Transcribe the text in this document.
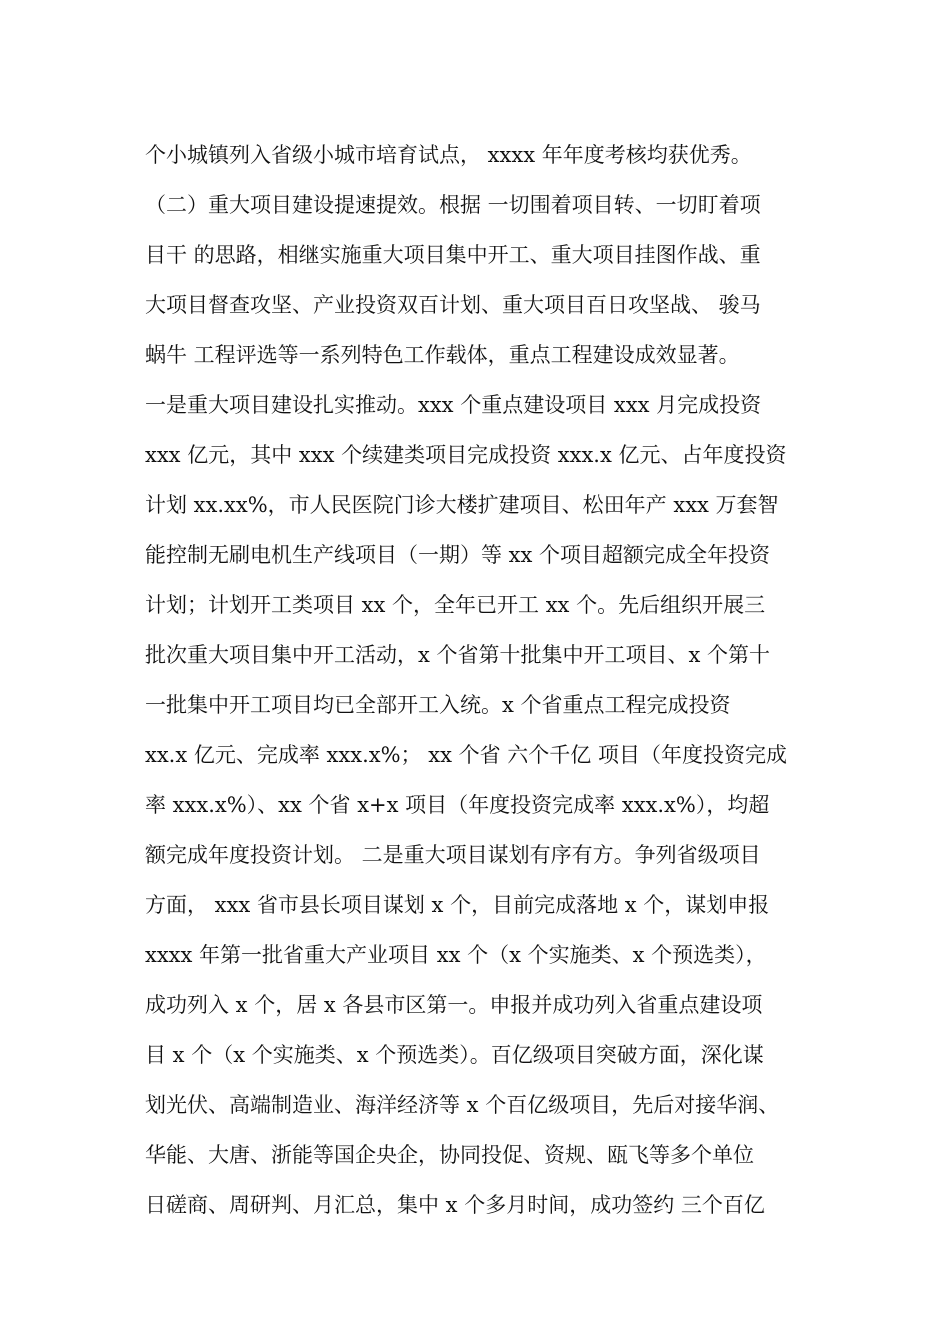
个小城镇列入省级小城市培育试点， xxxx 年年度考核均获优秀。
（二）重大项目建设提速提效。根据 一切围着项目转、一切盯着项
目干 的思路，相继实施重大项目集中开工、重大项目挂图作战、重
大项目督查攻坚、产业投资双百计划、重大项目百日攻坚战、 骏马
蜗牛 工程评选等一系列特色工作载体，重点工程建设成效显著。
一是重大项目建设扎实推动。xxx 个重点建设项目 xxx 月完成投资
xxx 亿元，其中 xxx 个续建类项目完成投资 xxx.x 亿元、占年度投资
计划 xx.xx%，市人民医院门诊大楼扩建项目、松田年产 xxx 万套智
能控制无刷电机生产线项目（一期）等 xx 个项目超额完成全年投资
计划；计划开工类项目 xx 个，全年已开工 xx 个。先后组织开展三
批次重大项目集中开工活动，x 个省第十批集中开工项目、x 个第十
一批集中开工项目均已全部开工入统。x 个省重点工程完成投资
xx.x 亿元、完成率 xxx.x%； xx 个省 六个千亿 项目（年度投资完成
率 xxx.x%）、xx 个省 x+x 项目（年度投资完成率 xxx.x%），均超
额完成年度投资计划。 二是重大项目谋划有序有方。争列省级项目
方面， xxx 省市县长项目谋划 x 个，目前完成落地 x 个，谋划申报
xxxx 年第一批省重大产业项目 xx 个（x 个实施类、x 个预选类），
成功列入 x 个，居 x 各县市区第一。申报并成功列入省重点建设项
目 x 个（x 个实施类、x 个预选类）。百亿级项目突破方面，深化谋
划光伏、高端制造业、海洋经济等 x 个百亿级项目，先后对接华润、
华能、大唐、浙能等国企央企，协同投促、资规、瓯飞等多个单位
日磋商、周研判、月汇总，集中 x 个多月时间，成功签约 三个百亿
